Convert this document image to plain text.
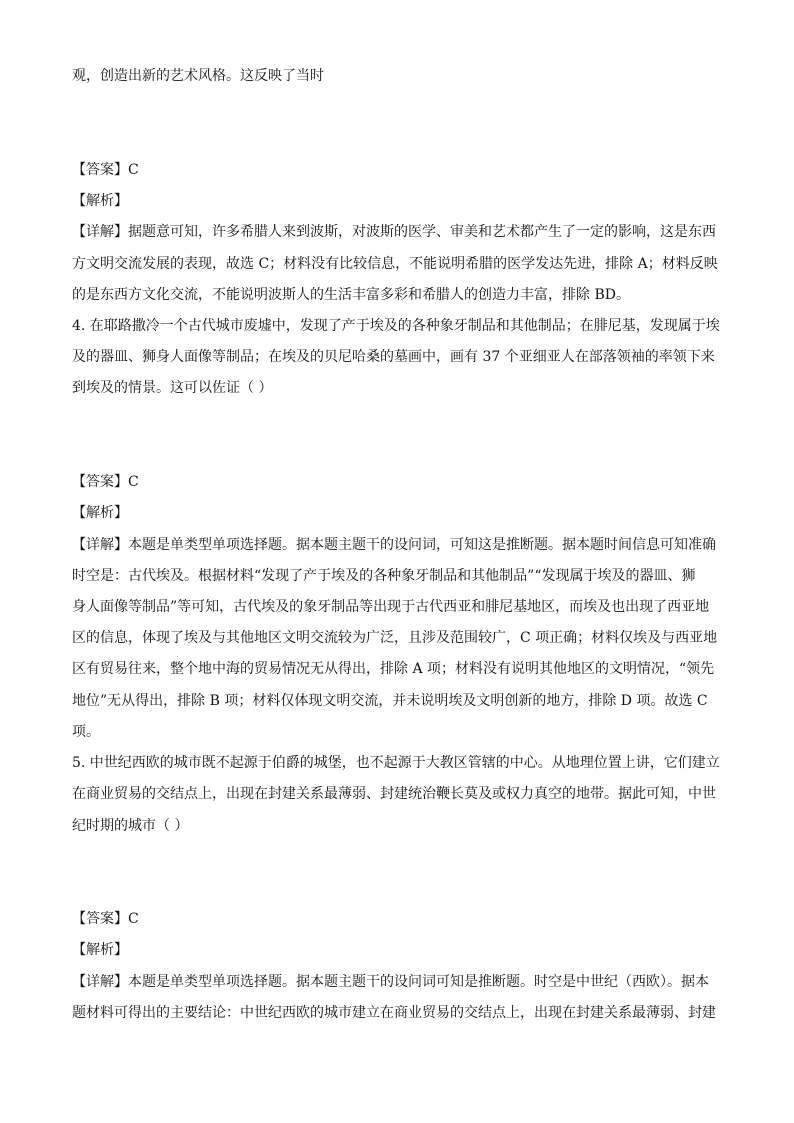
观，创造出新的艺术风格。这反映了当时
【答案】C
【解析】
【详解】据题意可知，许多希腊人来到波斯，对波斯的医学、审美和艺术都产生了一定的影响，这是东西
方文明交流发展的表现，故选 C；材料没有比较信息，不能说明希腊的医学发达先进，排除 A；材料反映
的是东西方文化交流，不能说明波斯人的生活丰富多彩和希腊人的创造力丰富，排除 BD。
4. 在耶路撒冷一个古代城市废墟中，发现了产于埃及的各种象牙制品和其他制品；在腓尼基，发现属于埃
及的器皿、狮身人面像等制品；在埃及的贝尼哈桑的墓画中，画有 37 个亚细亚人在部落领袖的率领下来
到埃及的情景。这可以佐证（ ）
【答案】C
【解析】
【详解】本题是单类型单项选择题。据本题主题干的设问词，可知这是推断题。据本题时间信息可知准确
时空是：古代埃及。根据材料“发现了产于埃及的各种象牙制品和其他制品”“发现属于埃及的器皿、狮
身人面像等制品”等可知，古代埃及的象牙制品等出现于古代西亚和腓尼基地区，而埃及也出现了西亚地
区的信息，体现了埃及与其他地区文明交流较为广泛，且涉及范围较广，C 项正确；材料仅埃及与西亚地
区有贸易往来，整个地中海的贸易情况无从得出，排除 A 项；材料没有说明其他地区的文明情况，“领先
地位”无从得出，排除 B 项；材料仅体现文明交流，并未说明埃及文明创新的地方，排除 D 项。故选 C
项。
5. 中世纪西欧的城市既不起源于伯爵的城堡，也不起源于大教区管辖的中心。从地理位置上讲，它们建立
在商业贸易的交结点上，出现在封建关系最薄弱、封建统治鞭长莫及或权力真空的地带。据此可知，中世
纪时期的城市（ ）
【答案】C
【解析】
【详解】本题是单类型单项选择题。据本题主题干的设问词可知是推断题。时空是中世纪（西欧）。据本
题材料可得出的主要结论：中世纪西欧的城市建立在商业贸易的交结点上，出现在封建关系最薄弱、封建
